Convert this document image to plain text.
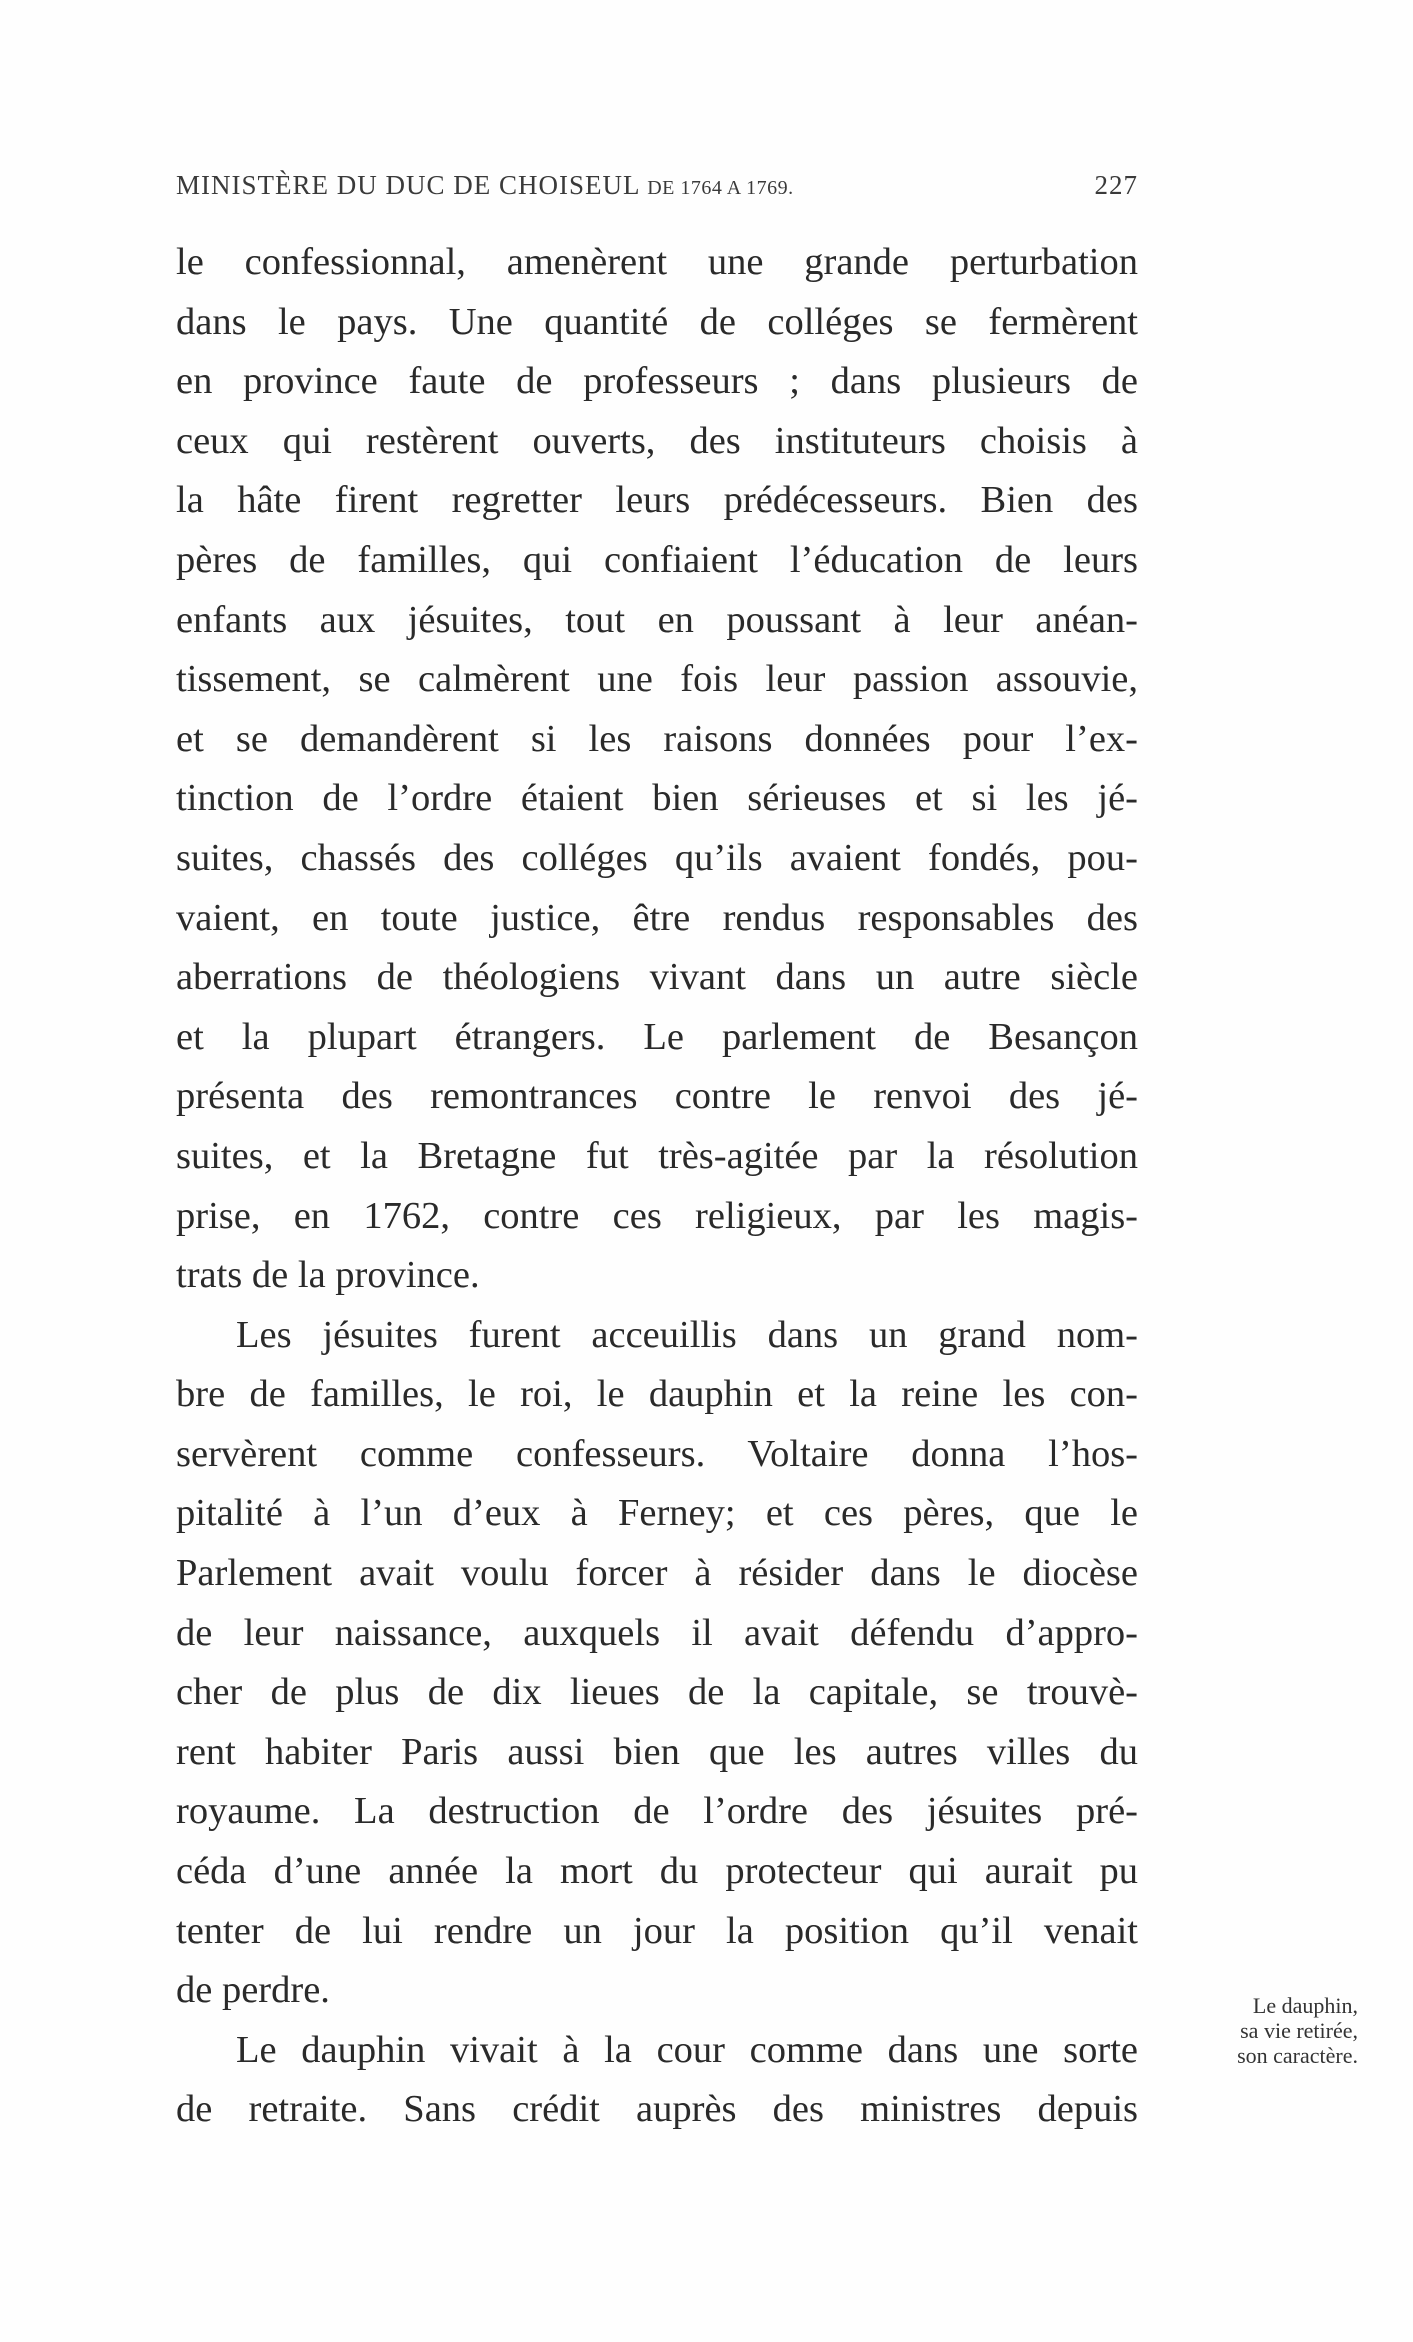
MINISTÈRE DU DUC DE CHOISEUL DE 1764 A 1769.	227
le confessionnal, amenèrent une grande perturbation
dans le pays. Une quantité de colléges se fermèrent
en province faute de professeurs ; dans plusieurs de
ceux qui restèrent ouverts, des instituteurs choisis à
la hâte firent regretter leurs prédécesseurs. Bien des
pères de familles, qui confiaient l’éducation de leurs
enfants aux jésuites, tout en poussant à leur anéan-
tissement, se calmèrent une fois leur passion assouvie,
et se demandèrent si les raisons données pour l’ex-
tinction de l’ordre étaient bien sérieuses et si les jé-
suites, chassés des colléges qu’ils avaient fondés, pou-
vaient, en toute justice, être rendus responsables des
aberrations de théologiens vivant dans un autre siècle
et la plupart étrangers. Le parlement de Besançon
présenta des remontrances contre le renvoi des jé-
suites, et la Bretagne fut très-agitée par la résolution
prise, en 1762, contre ces religieux, par les magis-
trats de la province.
Les jésuites furent acceuillis dans un grand nom-
bre de familles, le roi, le dauphin et la reine les con-
servèrent comme confesseurs. Voltaire donna l’hos-
pitalité à l’un d’eux à Ferney; et ces pères, que le
Parlement avait voulu forcer à résider dans le diocèse
de leur naissance, auxquels il avait défendu d’appro-
cher de plus de dix lieues de la capitale, se trouvè-
rent habiter Paris aussi bien que les autres villes du
royaume. La destruction de l’ordre des jésuites pré-
céda d’une année la mort du protecteur qui aurait pu
tenter de lui rendre un jour la position qu’il venait
de perdre.
Le dauphin vivait à la cour comme dans une sorte
de retraite. Sans crédit auprès des ministres depuis
Le dauphin,
sa vie retirée,
son caractère.
